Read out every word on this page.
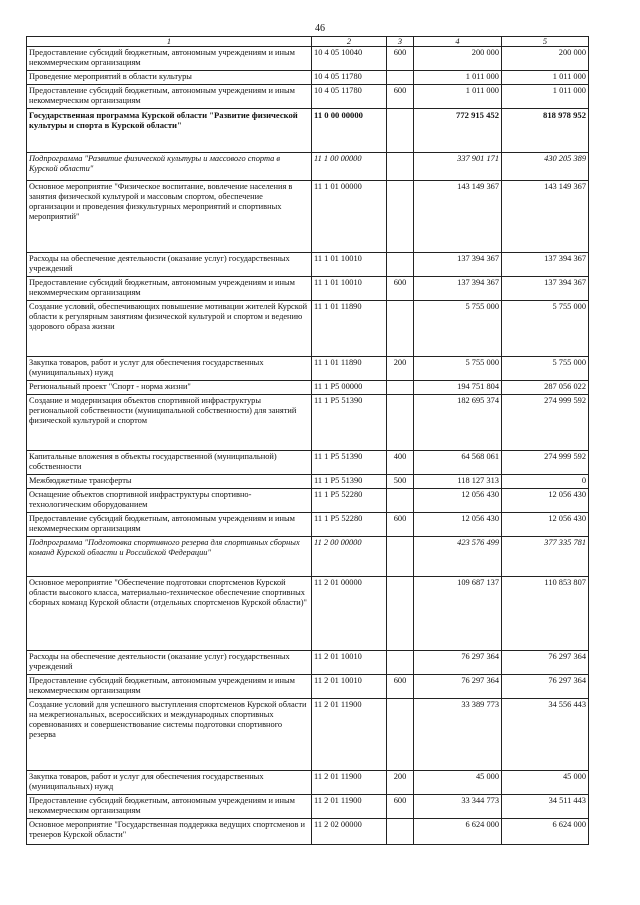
46
1	2	3	4	5
Предоставление субсидий бюджетным, автономным учреждениям и иным некоммерческим организациям	10 4 05 10040	600	200 000	200 000
Проведение мероприятий в области культуры	10 4 05 11780		1 011 000	1 011 000
Предоставление субсидий бюджетным, автономным учреждениям и иным некоммерческим организациям	10 4 05 11780	600	1 011 000	1 011 000
Государственная программа Курской области "Развитие физической культуры и спорта в Курской области"	11 0 00 00000		772 915 452	818 978 952
Подпрограмма "Развитие физической культуры и массового спорта в Курской области"	11 1 00 00000		337 901 171	430 205 389
Основное мероприятие "Физическое воспитание, вовлечение населения в занятия физической культурой и массовым спортом, обеспечение организации и проведения физкультурных мероприятий и спортивных мероприятий"	11 1 01 00000		143 149 367	143 149 367
Расходы на обеспечение деятельности (оказание услуг) государственных учреждений	11 1 01 10010		137 394 367	137 394 367
Предоставление субсидий бюджетным, автономным учреждениям и иным некоммерческим организациям	11 1 01 10010	600	137 394 367	137 394 367
Создание условий, обеспечивающих повышение мотивации жителей Курской области к регулярным занятиям физической культурой и спортом и ведению здорового образа жизни	11 1 01 11890		5 755 000	5 755 000
Закупка товаров, работ и услуг для обеспечения государственных (муниципальных) нужд	11 1 01 11890	200	5 755 000	5 755 000
Региональный проект "Спорт - норма жизни"	11 1 P5 00000		194 751 804	287 056 022
Создание и модернизация объектов спортивной инфраструктуры региональной собственности (муниципальной собственности) для занятий физической культурой и спортом	11 1 P5 51390		182 695 374	274 999 592
Капитальные вложения в объекты государственной (муниципальной) собственности	11 1 P5 51390	400	64 568 061	274 999 592
Межбюджетные трансферты	11 1 P5 51390	500	118 127 313	0
Оснащение объектов спортивной инфраструктуры спортивно-технологическим оборудованием	11 1 P5 52280		12 056 430	12 056 430
Предоставление субсидий бюджетным, автономным учреждениям и иным некоммерческим организациям	11 1 P5 52280	600	12 056 430	12 056 430
Подпрограмма "Подготовка спортивного резерва для спортивных сборных команд Курской области и Российской Федерации"	11 2 00 00000		423 576 499	377 335 781
Основное мероприятие "Обеспечение подготовки спортсменов Курской области высокого класса, материально-техническое обеспечение спортивных сборных команд Курской области (отдельных спортсменов Курской области)"	11 2 01 00000		109 687 137	110 853 807
Расходы на обеспечение деятельности (оказание услуг) государственных учреждений	11 2 01 10010		76 297 364	76 297 364
Предоставление субсидий бюджетным, автономным учреждениям и иным некоммерческим организациям	11 2 01 10010	600	76 297 364	76 297 364
Создание условий для успешного выступления спортсменов Курской области на межрегиональных, всероссийских и международных спортивных соревнованиях и совершенствование системы подготовки спортивного резерва	11 2 01 11900		33 389 773	34 556 443
Закупка товаров, работ и услуг для обеспечения государственных (муниципальных) нужд	11 2 01 11900	200	45 000	45 000
Предоставление субсидий бюджетным, автономным учреждениям и иным некоммерческим организациям	11 2 01 11900	600	33 344 773	34 511 443
Основное мероприятие "Государственная поддержка ведущих спортсменов и тренеров Курской области"	11 2 02 00000		6 624 000	6 624 000
